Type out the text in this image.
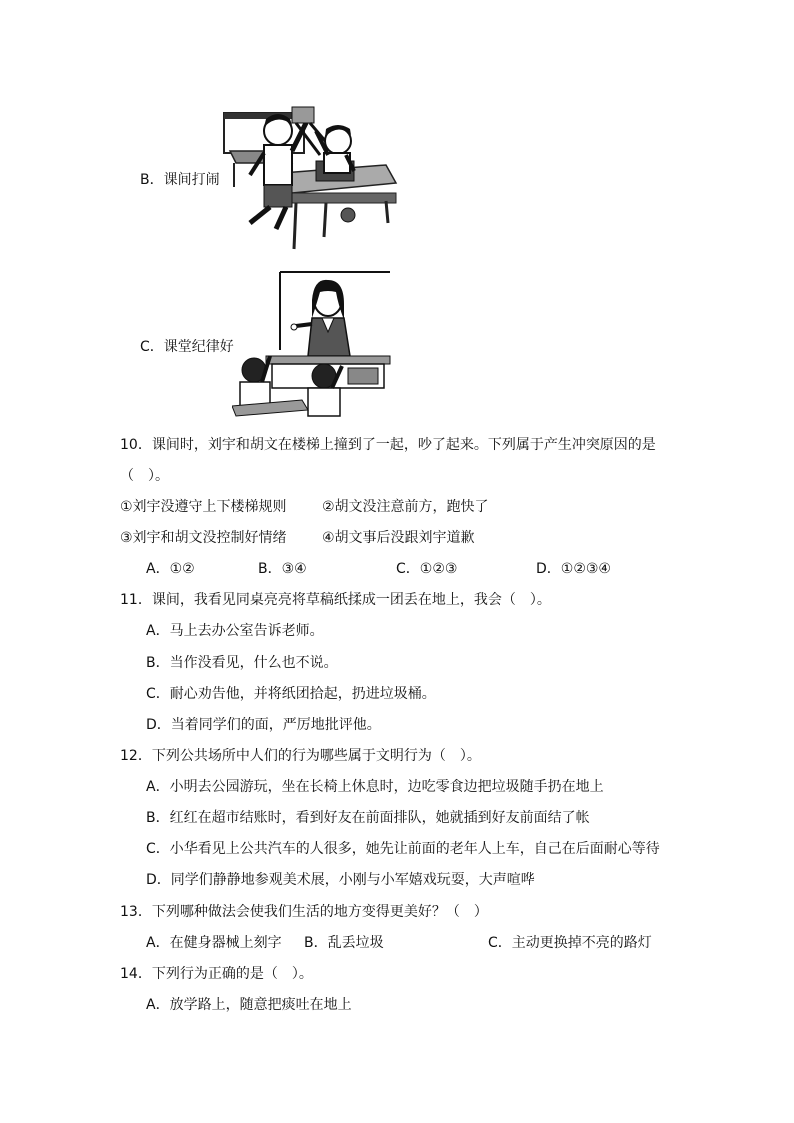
B．课间打闹
C．课堂纪律好
10．课间时，刘宇和胡文在楼梯上撞到了一起，吵了起来。下列属于产生冲突原因的是
（　）。
①刘宇没遵守上下楼梯规则	②胡文没注意前方，跑快了
③刘宇和胡文没控制好情绪	④胡文事后没跟刘宇道歉
A．①②	B．③④	C．①②③	D．①②③④
11．课间，我看见同桌亮亮将草稿纸揉成一团丢在地上，我会（　）。
A．马上去办公室告诉老师。
B．当作没看见，什么也不说。
C．耐心劝告他，并将纸团拾起，扔进垃圾桶。
D．当着同学们的面，严厉地批评他。
12．下列公共场所中人们的行为哪些属于文明行为（　）。
A．小明去公园游玩，坐在长椅上休息时，边吃零食边把垃圾随手扔在地上
B．红红在超市结账时，看到好友在前面排队，她就插到好友前面结了帐
C．小华看见上公共汽车的人很多，她先让前面的老年人上车，自己在后面耐心等待
D．同学们静静地参观美术展，小刚与小军嬉戏玩耍，大声喧哗
13．下列哪种做法会使我们生活的地方变得更美好？（　）
A．在健身器械上刻字 B．乱丢垃圾	C．主动更换掉不亮的路灯
14．下列行为正确的是（　）。
A．放学路上，随意把痰吐在地上
